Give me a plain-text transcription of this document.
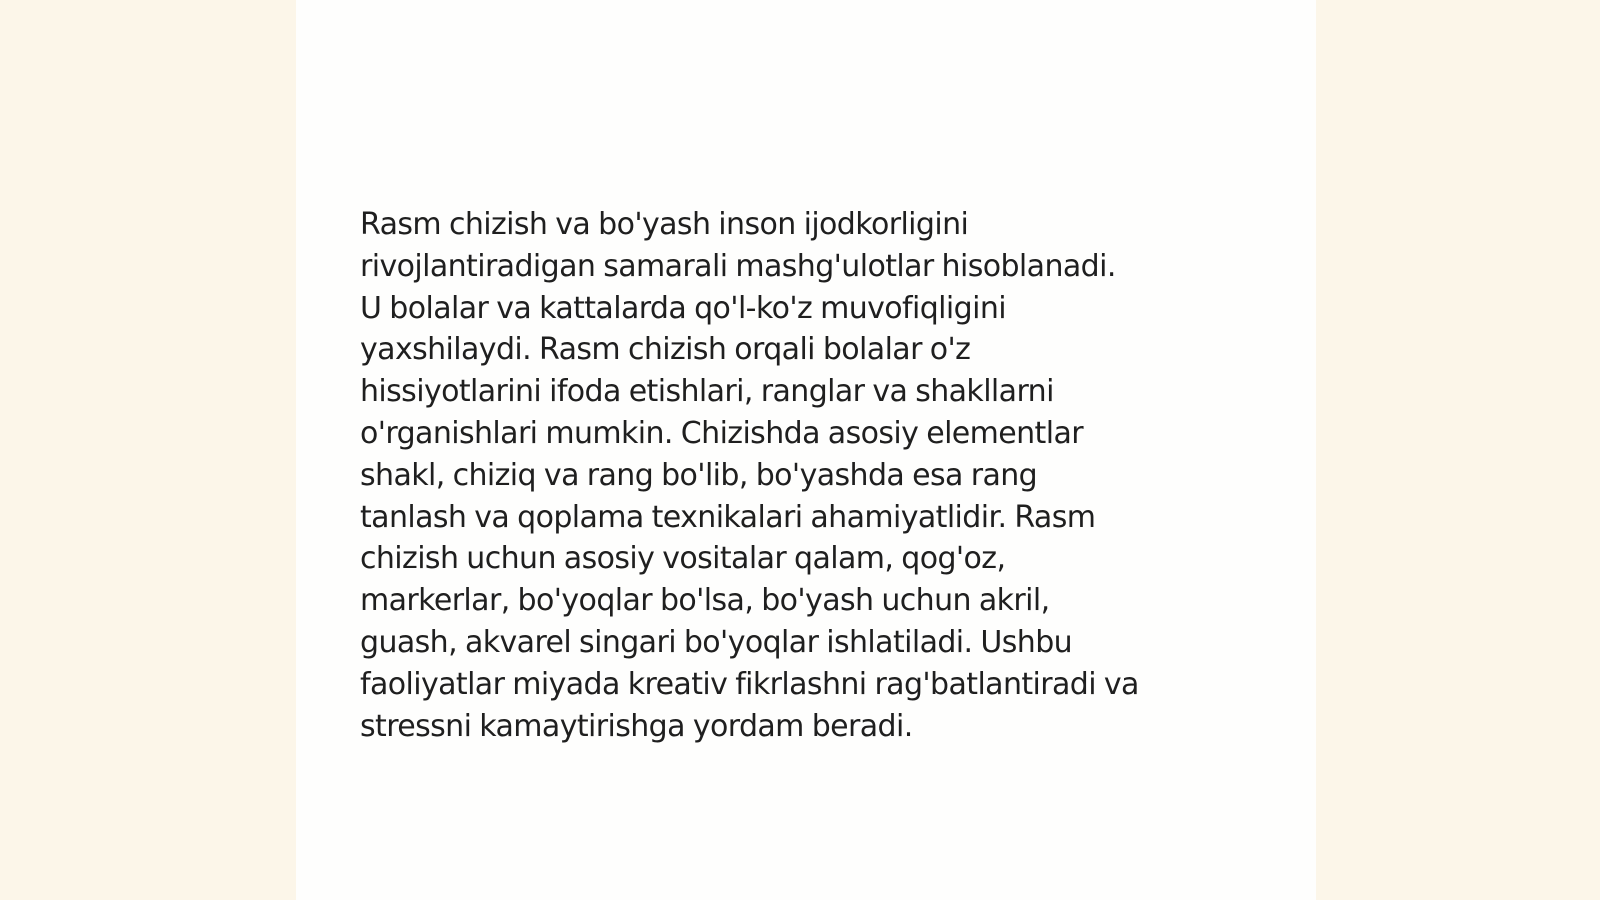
Rasm chizish va bo'yash inson ijodkorligini
rivojlantiradigan samarali mashg'ulotlar hisoblanadi.
U bolalar va kattalarda qo'l-ko'z muvofiqligini
yaxshilaydi. Rasm chizish orqali bolalar o'z
hissiyotlarini ifoda etishlari, ranglar va shakllarni
o'rganishlari mumkin. Chizishda asosiy elementlar
shakl, chiziq va rang bo'lib, bo'yashda esa rang
tanlash va qoplama texnikalari ahamiyatlidir. Rasm
chizish uchun asosiy vositalar qalam, qog'oz,
markerlar, bo'yoqlar bo'lsa, bo'yash uchun akril,
guash, akvarel singari bo'yoqlar ishlatiladi. Ushbu
faoliyatlar miyada kreativ fikrlashni rag'batlantiradi va
stressni kamaytirishga yordam beradi.
